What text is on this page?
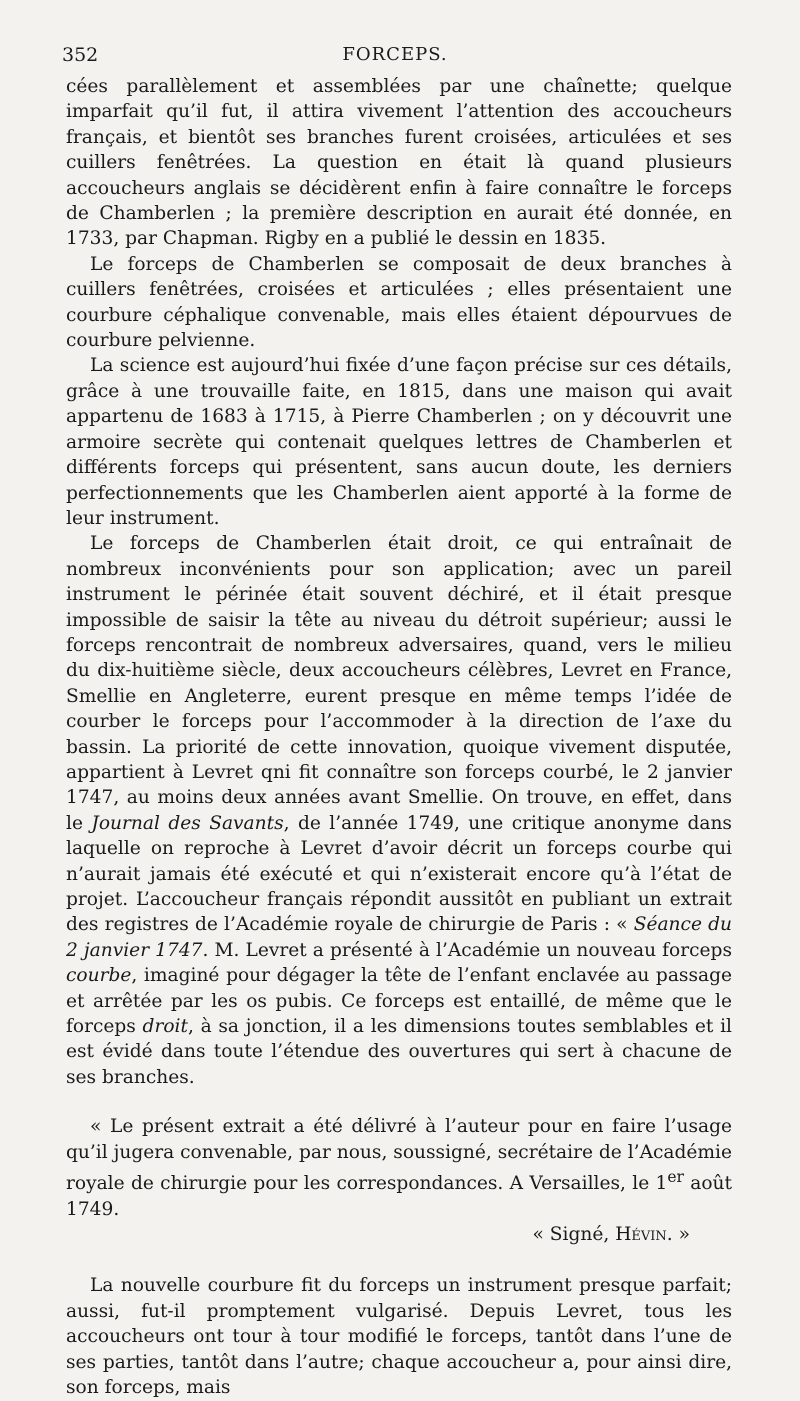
352	FORCEPS.

cées parallèlement et assemblées par une chaînette; quelque imparfait qu’il fut, il attira vivement l’attention des accoucheurs français, et bientôt ses branches furent croisées, articulées et ses cuillers fenêtrées. La question en était là quand plusieurs accoucheurs anglais se décidèrent enfin à faire connaître le forceps de Chamberlen ; la première description en aurait été donnée, en 1733, par Chapman. Rigby en a publié le dessin en 1835.

Le forceps de Chamberlen se composait de deux branches à cuillers fenêtrées, croisées et articulées ; elles présentaient une courbure céphalique convenable, mais elles étaient dépourvues de courbure pelvienne.

La science est aujourd’hui fixée d’une façon précise sur ces détails, grâce à une trouvaille faite, en 1815, dans une maison qui avait appartenu de 1683 à 1715, à Pierre Chamberlen ; on y découvrit une armoire secrète qui contenait quelques lettres de Chamberlen et différents forceps qui présentent, sans aucun doute, les derniers perfectionnements que les Chamberlen aient apporté à la forme de leur instrument.

Le forceps de Chamberlen était droit, ce qui entraînait de nombreux inconvénients pour son application; avec un pareil instrument le périnée était souvent déchiré, et il était presque impossible de saisir la tête au niveau du détroit supérieur; aussi le forceps rencontrait de nombreux adversaires, quand, vers le milieu du dix-huitième siècle, deux accoucheurs célèbres, Levret en France, Smellie en Angleterre, eurent presque en même temps l’idée de courber le forceps pour l’accommoder à la direction de l’axe du bassin. La priorité de cette innovation, quoique vivement disputée, appartient à Levret qni fit connaître son forceps courbé, le 2 janvier 1747, au moins deux années avant Smellie. On trouve, en effet, dans le Journal des Savants, de l’année 1749, une critique anonyme dans laquelle on reproche à Levret d’avoir décrit un forceps courbe qui n’aurait jamais été exécuté et qui n’existerait encore qu’à l’état de projet. L’accoucheur français répondit aussitôt en publiant un extrait des registres de l’Académie royale de chirurgie de Paris : « Séance du 2 janvier 1747. M. Levret a présenté à l’Académie un nouveau forceps courbe, imaginé pour dégager la tête de l’enfant enclavée au passage et arrêtée par les os pubis. Ce forceps est entaillé, de même que le forceps droit, à sa jonction, il a les dimensions toutes semblables et il est évidé dans toute l’étendue des ouvertures qui sert à chacune de ses branches.

« Le présent extrait a été délivré à l’auteur pour en faire l’usage qu’il jugera convenable, par nous, soussigné, secrétaire de l’Académie royale de chirurgie pour les correspondances. A Versailles, le 1er août 1749.

« Signé, Hévin. »

La nouvelle courbure fit du forceps un instrument presque parfait; aussi, fut-il promptement vulgarisé. Depuis Levret, tous les accoucheurs ont tour à tour modifié le forceps, tantôt dans l’une de ses parties, tantôt dans l’autre; chaque accoucheur a, pour ainsi dire, son forceps, mais
